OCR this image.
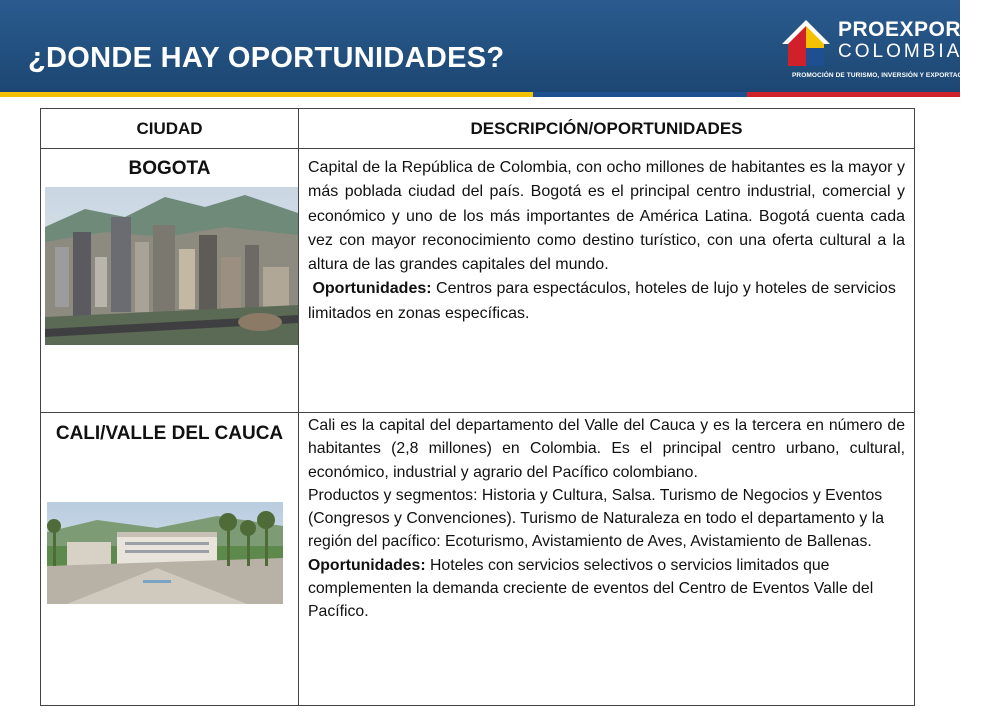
¿DONDE HAY OPORTUNIDADES?
PROEXPORT
COLOMBIA
PROMOCIÓN DE TURISMO, INVERSIÓN Y EXPORTACIONES.
CIUDAD	DESCRIPCIÓN/OPORTUNIDADES
BOGOTA	Capital de la República de Colombia, con ocho millones de habitantes es la mayor y más poblada ciudad del país. Bogotá es el principal centro industrial, comercial y económico y uno de los más importantes de América Latina. Bogotá cuenta cada vez con mayor reconocimiento como destino turístico, con una oferta cultural a la altura de las grandes capitales del mundo.

Oportunidades: Centros para espectáculos, hoteles de lujo y hoteles de servicios limitados en zonas específicas.

CALI/VALLE DEL CAUCA	Cali es la capital del departamento del Valle del Cauca y es la tercera en número de habitantes (2,8 millones) en Colombia. Es el principal centro urbano, cultural, económico, industrial y agrario del Pacífico colombiano.

Productos y segmentos: Historia y Cultura, Salsa. Turismo de Negocios y Eventos (Congresos y Convenciones). Turismo de Naturaleza en todo el departamento y la región del pacífico: Ecoturismo, Avistamiento de Aves, Avistamiento de Ballenas.

Oportunidades: Hoteles con servicios selectivos o servicios limitados que complementen la demanda creciente de eventos del Centro de Eventos Valle del Pacífico.
